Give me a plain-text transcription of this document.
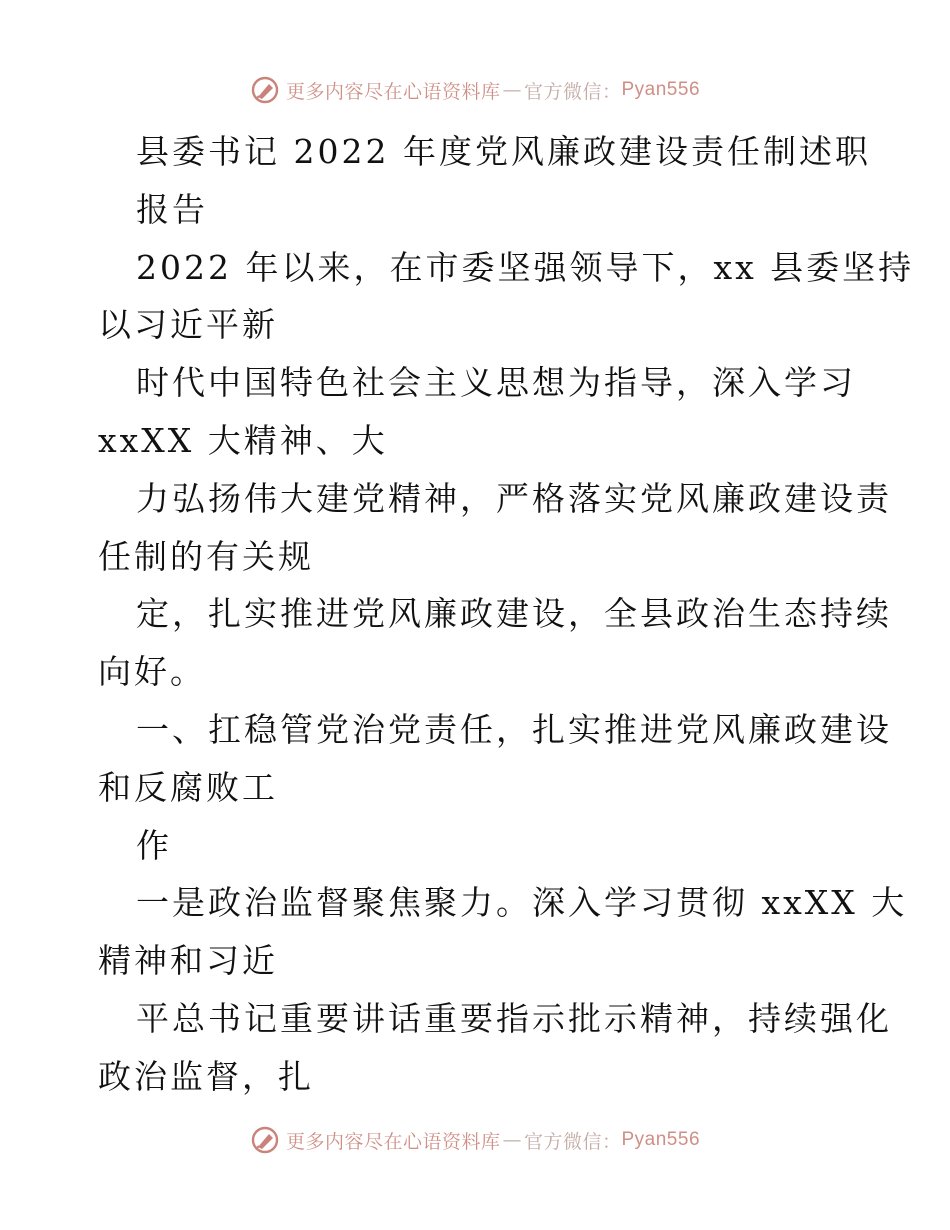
更多内容尽在心语资料库 — 官方微信： Pyan556
县委书记 2022 年度党风廉政建设责任制述职
报告
2022 年以来，在市委坚强领导下，xx 县委坚持
以习近平新
时代中国特色社会主义思想为指导，深入学习
xxXX 大精神、大
力弘扬伟大建党精神，严格落实党风廉政建设责
任制的有关规
定，扎实推进党风廉政建设，全县政治生态持续
向好。
一、扛稳管党治党责任，扎实推进党风廉政建设
和反腐败工
作
一是政治监督聚焦聚力。深入学习贯彻 xxXX 大
精神和习近
平总书记重要讲话重要指示批示精神，持续强化
政治监督，扎
更多内容尽在心语资料库 — 官方微信： Pyan556
